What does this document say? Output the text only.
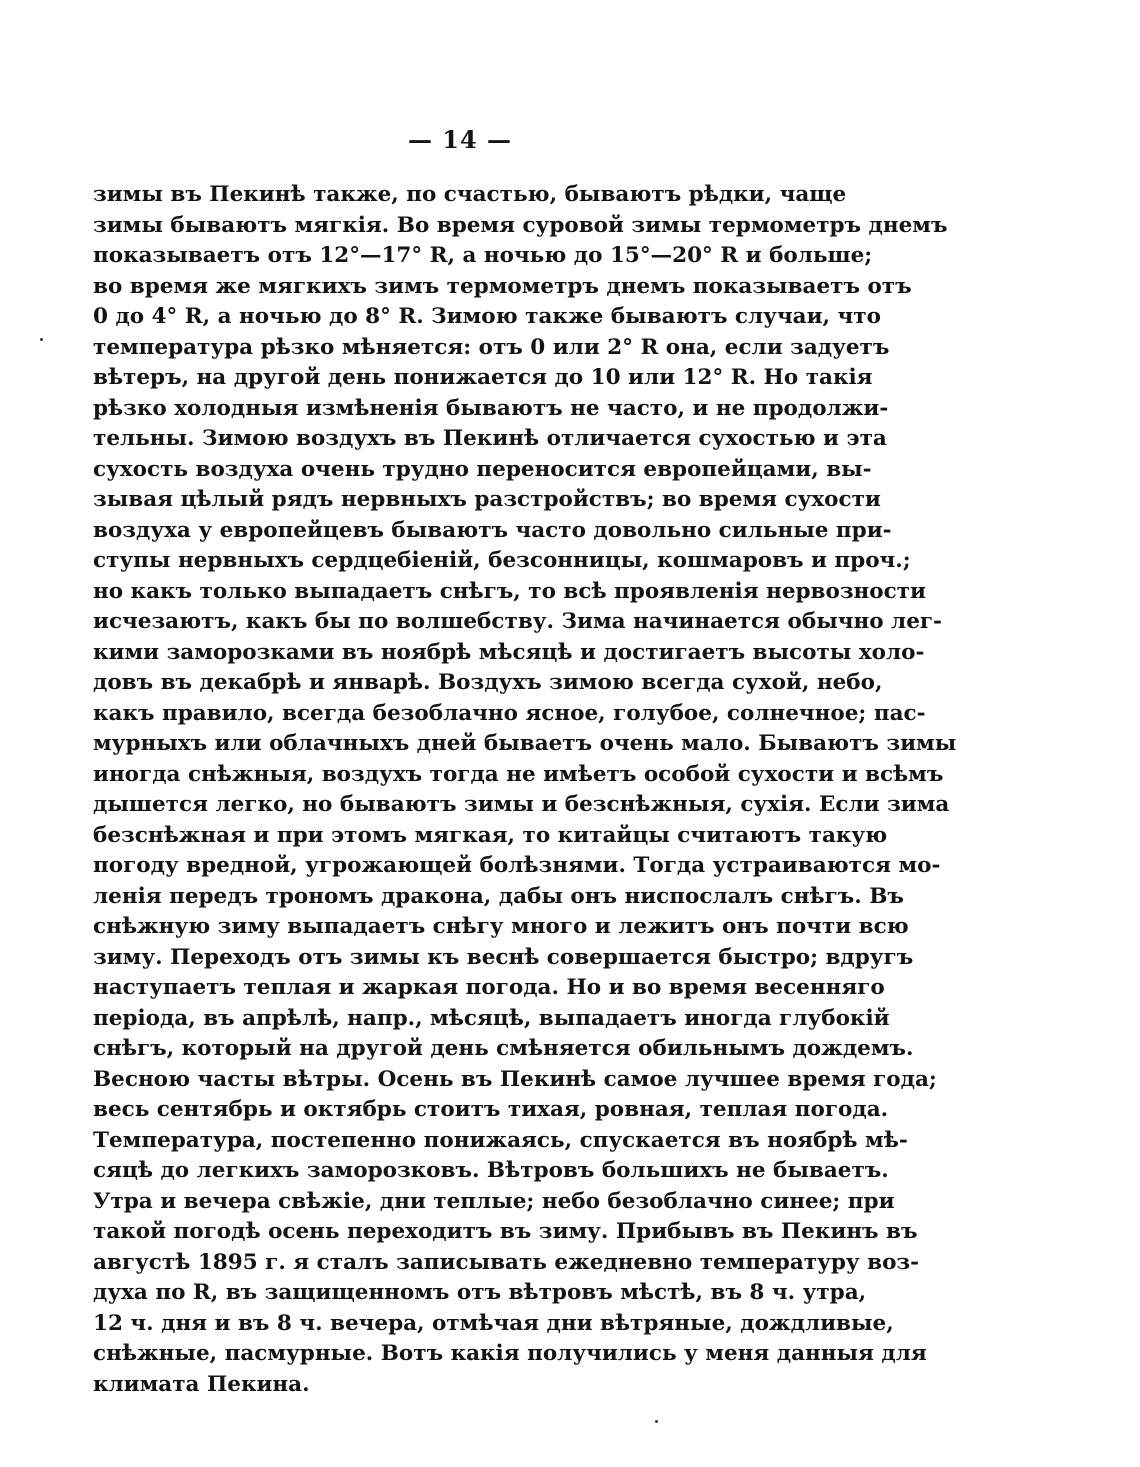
— 14 —
зимы въ Пекинѣ также, по счастью, бываютъ рѣдки, чаще
зимы бываютъ мягкія. Во время суровой зимы термометръ днемъ
показываетъ отъ 12°—17° R, а ночью до 15°—20° R и больше;
во время же мягкихъ зимъ термометръ днемъ показываетъ отъ
0 до 4° R, а ночью до 8° R. Зимою также бываютъ случаи, что
температура рѣзко мѣняется: отъ 0 или 2° R она, если задуетъ
вѣтеръ, на другой день понижается до 10 или 12° R. Но такія
рѣзко холодныя измѣненія бываютъ не часто, и не продолжи-
тельны. Зимою воздухъ въ Пекинѣ отличается сухостью и эта
сухость воздуха очень трудно переносится европейцами, вы-
зывая цѣлый рядъ нервныхъ разстройствъ; во время сухости
воздуха у европейцевъ бываютъ часто довольно сильные при-
ступы нервныхъ сердцебіеній, безсонницы, кошмаровъ и проч.;
но какъ только выпадаетъ снѣгъ, то всѣ проявленія нервозности
исчезаютъ, какъ бы по волшебству. Зима начинается обычно лег-
кими заморозками въ ноябрѣ мѣсяцѣ и достигаетъ высоты холо-
довъ въ декабрѣ и январѣ. Воздухъ зимою всегда сухой, небо,
какъ правило, всегда безоблачно ясное, голубое, солнечное; пас-
мурныхъ или облачныхъ дней бываетъ очень мало. Бываютъ зимы
иногда снѣжныя, воздухъ тогда не имѣетъ особой сухости и всѣмъ
дышется легко, но бываютъ зимы и безснѣжныя, сухія. Если зима
безснѣжная и при этомъ мягкая, то китайцы считаютъ такую
погоду вредной, угрожающей болѣзнями. Тогда устраиваются мо-
ленія передъ трономъ дракона, дабы онъ ниспослалъ снѣгъ. Въ
снѣжную зиму выпадаетъ снѣгу много и лежитъ онъ почти всю
зиму. Переходъ отъ зимы къ веснѣ совершается быстро; вдругъ
наступаетъ теплая и жаркая погода. Но и во время весенняго
періода, въ апрѣлѣ, напр., мѣсяцѣ, выпадаетъ иногда глубокій
снѣгъ, который на другой день смѣняется обильнымъ дождемъ.
Весною часты вѣтры. Осень въ Пекинѣ самое лучшее время года;
весь сентябрь и октябрь стоитъ тихая, ровная, теплая погода.
Температура, постепенно понижаясь, спускается въ ноябрѣ мѣ-
сяцѣ до легкихъ заморозковъ. Вѣтровъ большихъ не бываетъ.
Утра и вечера свѣжіе, дни теплые; небо безоблачно синее; при
такой погодѣ осень переходитъ въ зиму. Прибывъ въ Пекинъ въ
августѣ 1895 г. я сталъ записывать ежедневно температуру воз-
духа по R, въ защищенномъ отъ вѣтровъ мѣстѣ, въ 8 ч. утра,
12 ч. дня и въ 8 ч. вечера, отмѣчая дни вѣтряные, дождливые,
снѣжные, пасмурные. Вотъ какія получились у меня данныя для
климата Пекина.
